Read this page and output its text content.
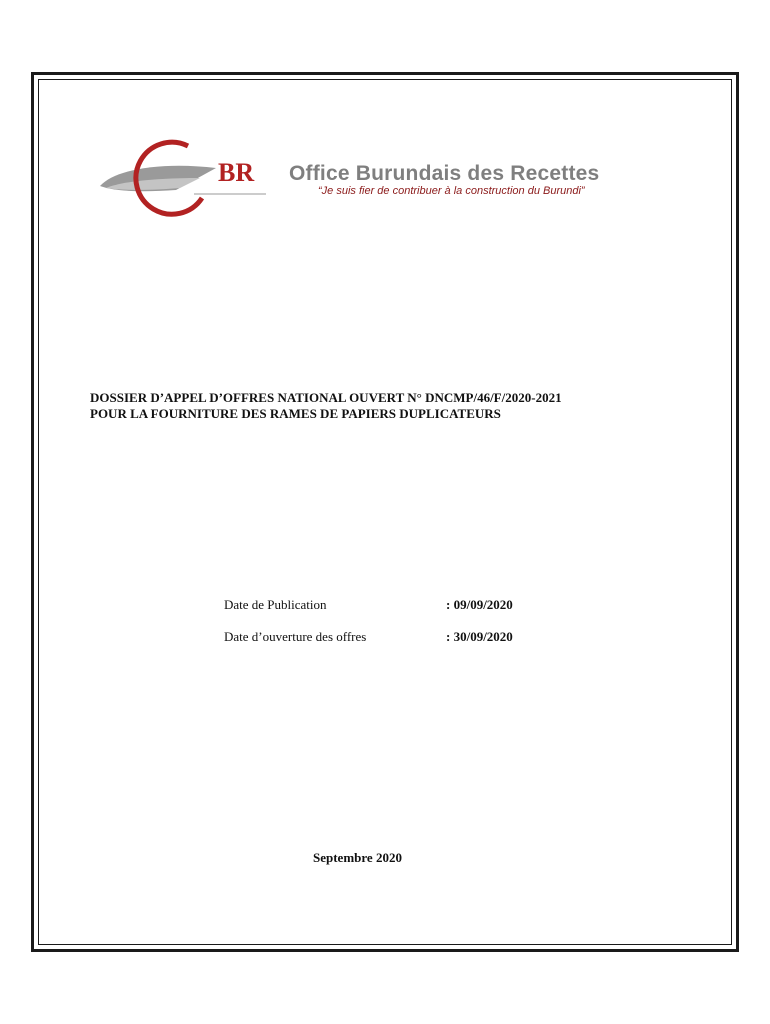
BR Office Burundais des Recettes
“Je suis fier de contribuer à la construction du Burundi”
DOSSIER D’APPEL D’OFFRES NATIONAL OUVERT N° DNCMP/46/F/2020-2021
POUR LA FOURNITURE DES RAMES DE PAPIERS DUPLICATEURS
Date de Publication	: 09/09/2020
Date d’ouverture des offres	: 30/09/2020
Septembre 2020
